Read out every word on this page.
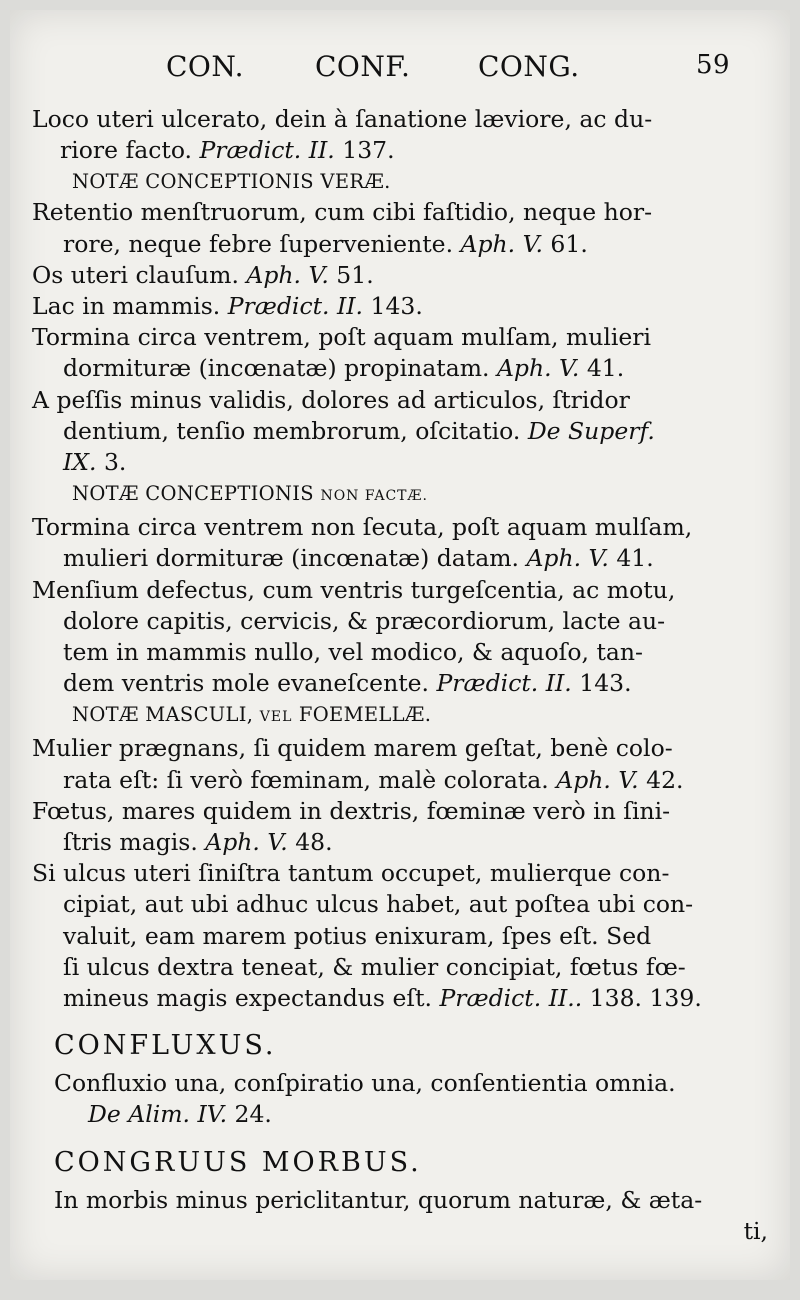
CON.	CONF. CONG.	59

Loco uteri ulcerato, dein à ſanatione læviore, ac du-
riore facto. Prædict. II. 137.

NOTÆ CONCEPTIONIS VERÆ.

Retentio menſtruorum, cum cibi faſtidio, neque hor-
rore, neque febre ſuperveniente. Aph. V. 61.

Os uteri clauſum. Aph. V. 51.

Lac in mammis. Prædict. II. 143.

Tormina circa ventrem, poſt aquam mulſam, mulieri
dormituræ (incœnatæ) propinatam. Aph. V. 41.

A peſſis minus validis, dolores ad articulos, ſtridor
dentium, tenſio membrorum, oſcitatio. De Superf.
IX. 3.

NOTÆ CONCEPTIONIS NON FACTÆ.

Tormina circa ventrem non ſecuta, poſt aquam mulſam,
mulieri dormituræ (incœnatæ) datam. Aph. V. 41.

Menſium defectus, cum ventris turgeſcentia, ac motu,
dolore capitis, cervicis, & præcordiorum, lacte au-
tem in mammis nullo, vel modico, & aquoſo, tan-
dem ventris mole evaneſcente. Prædict. II. 143.

NOTÆ MASCULI, VEL FOEMELLÆ.

Mulier prægnans, ſi quidem marem geſtat, benè colo-
rata eſt: ſi verò fœminam, malè colorata. Aph. V. 42.

Fœtus, mares quidem in dextris, fœminæ verò in ſini-
ſtris magis. Aph. V. 48.

Si ulcus uteri ſiniſtra tantum occupet, mulierque con-
cipiat, aut ubi adhuc ulcus habet, aut poſtea ubi con-
valuit, eam marem potius enixuram, ſpes eſt. Sed
ſi ulcus dextra teneat, & mulier concipiat, fœtus fœ-
mineus magis expectandus eſt. Prædict. II.. 138. 139.

CONFLUXUS.

Confluxio una, conſpiratio una, conſentientia omnia.

De Alim. IV. 24.

CONGRUUS MORBUS.

In morbis minus periclitantur, quorum naturæ, & æta-

ti,
